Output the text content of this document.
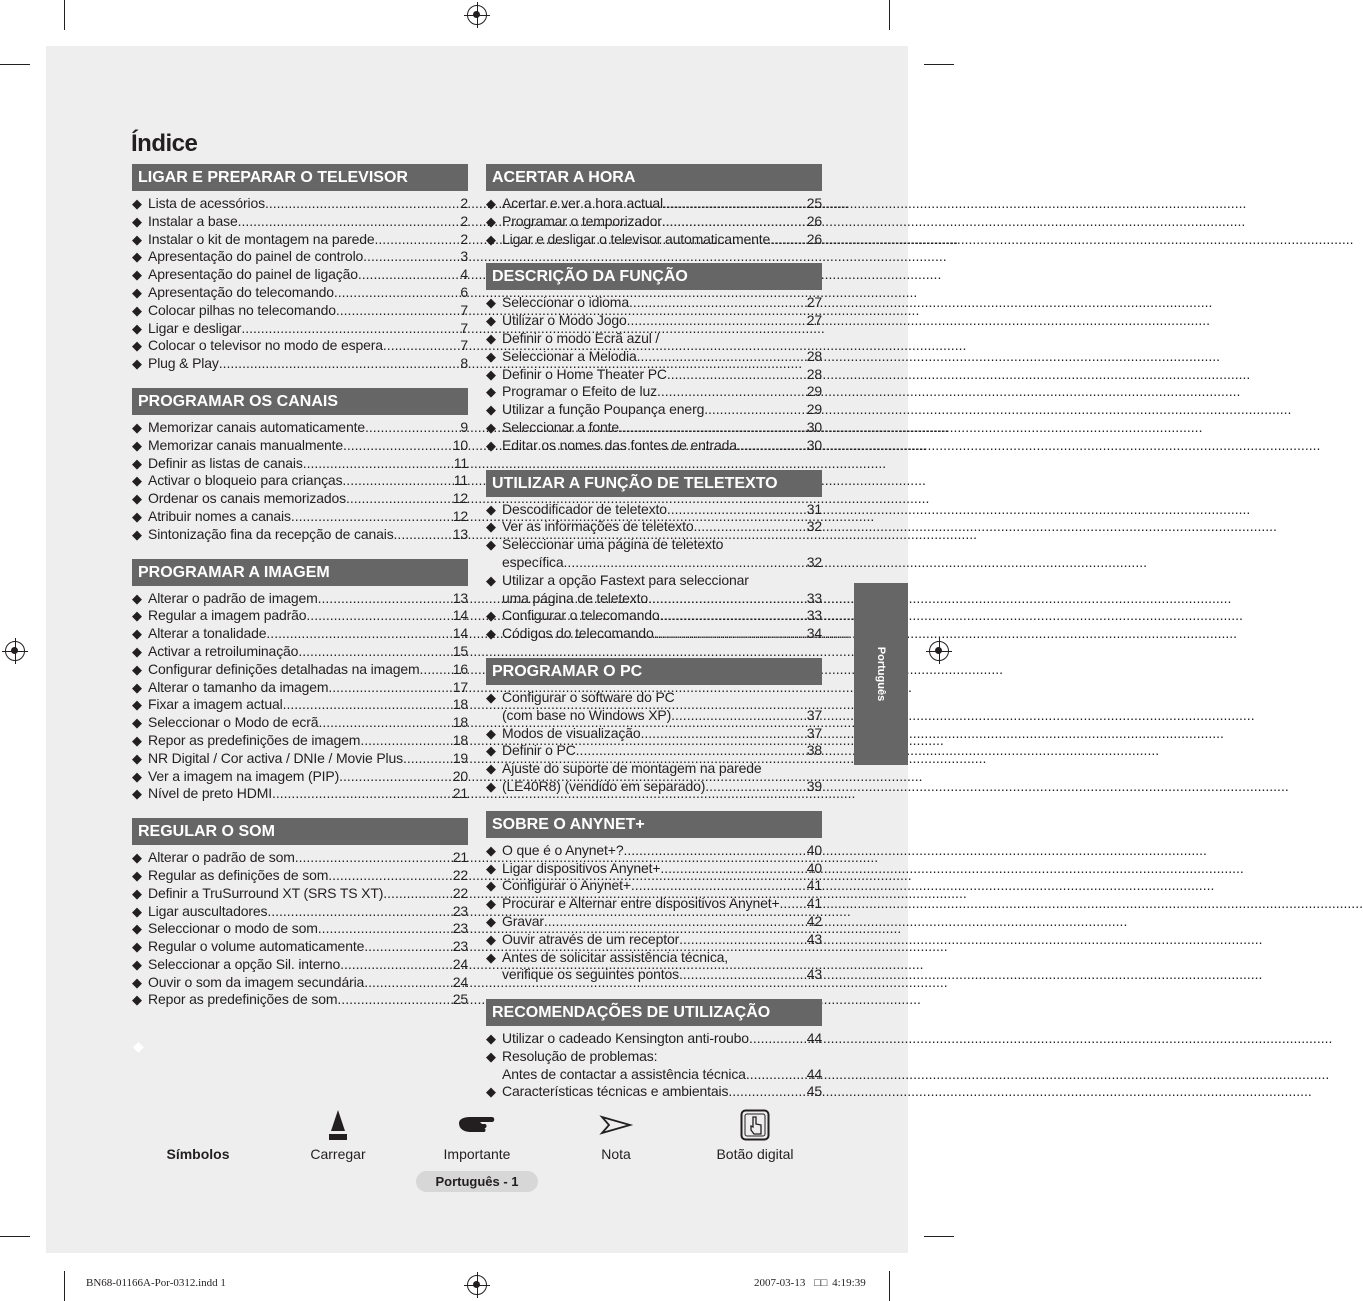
Índice
LIGAR E PREPARAR O TELEVISOR
◆ Lista de acessórios .....	2
◆ Instalar a base .....	2
◆ Instalar o kit de montagem na parede .....	2
◆ Apresentação do painel de controlo .....	3
◆ Apresentação do painel de ligação .....	4
◆ Apresentação do telecomando .....	6
◆ Colocar pilhas no telecomando .....	7
◆ Ligar e desligar .....	7
◆ Colocar o televisor no modo de espera .....	7
◆ Plug & Play .....	8
PROGRAMAR OS CANAIS
◆ Memorizar canais automaticamente .....	9
◆ Memorizar canais manualmente .....	10
◆ Definir as listas de canais .....	11
◆ Activar o bloqueio para crianças .....	11
◆ Ordenar os canais memorizados .....	12
◆ Atribuir nomes a canais .....	12
◆ Sintonização fina da recepção de canais .....	13
PROGRAMAR A IMAGEM
◆ Alterar o padrão de imagem .....	13
◆ Regular a imagem padrão .....	14
◆ Alterar a tonalidade .....	14
◆ Activar a retroiluminação .....	15
◆ Configurar definições detalhadas na imagem ..... 16
◆ Alterar o tamanho da imagem .....	17
◆ Fixar a imagem actual .....	18
◆ Seleccionar o Modo de ecrã .....	18
◆ Repor as predefinições de imagem .....	18
◆ NR Digital / Cor activa / DNIe / Movie Plus .....	19
◆ Ver a imagem na imagem (PIP) .....	20
◆ Nível de preto HDMI .....	21
REGULAR O SOM
◆ Alterar o padrão de som .....	21
◆ Regular as definições de som .....	22
◆ Definir a TruSurround XT (SRS TS XT) .....	22
◆ Ligar auscultadores .....	23
◆ Seleccionar o modo de som .....	23
◆ Regular o volume automaticamente .....	23
◆ Seleccionar a opção Sil. interno .....	24
◆ Ouvir o som da imagem secundária .....	24
◆ Repor as predefinições de som .....	25
ACERTAR A HORA
◆ Acertar e ver a hora actual .....	25
◆ Programar o temporizador .....	26
◆ Ligar e desligar o televisor automaticamente .....	26
DESCRIÇÃO DA FUNÇÃO
◆ Seleccionar o idioma .....	27
◆ Utilizar o Modo Jogo .....	27
◆ Definir o modo Ecrã azul /
◆ Seleccionar a Melodia .....	28
◆ Definir o Home Theater PC .....	28
◆ Programar o Efeito de luz .....	29
◆ Utilizar a função Poupança energ. .....	29
◆ Seleccionar a fonte .....	30
◆ Editar os nomes das fontes de entrada .....	30
UTILIZAR A FUNÇÃO DE TELETEXTO
◆ Descodificador de teletexto .....	31
◆ Ver as informações de teletexto .....	32
◆ Seleccionar uma página de teletexto
específica .....	32
◆ Utilizar a opção Fastext para seleccionar
uma página de teletexto .....	33
◆ Configurar o telecomando .....	33
◆ Códigos do telecomando .....	34
PROGRAMAR O PC
◆ Configurar o software do PC
(com base no Windows XP) .....	37
◆ Modos de visualização .....	37
◆ Definir o PC .....	38
◆ Ajuste do suporte de montagem na parede
◆ (LE40R8) (vendido em separado) .....	39
SOBRE O ANYNET+
◆ O que é o Anynet+? .....	40
◆ Ligar dispositivos Anynet+ .....	40
◆ Configurar o Anynet+ .....	41
◆ Procurar e Alternar entre dispositivos Anynet+ ..... 41
◆ Gravar .....	42
◆ Ouvir através de um receptor .....	43
◆ Antes de solicitar assistência técnica,
verifique os seguintes pontos .....	43
RECOMENDAÇÕES DE UTILIZAÇÃO
◆ Utilizar o cadeado Kensington anti-roubo .....	44
◆ Resolução de problemas:
Antes de contactar a assistência técnica .....	44
◆ Características técnicas e ambientais .....	45
◆
Português
Símbolos	Carregar	Importante	Nota	Botão digital
Português - 1
BN68-01166A-Por-0312.indd 1	2007-03-13 □□ 4:19:39
